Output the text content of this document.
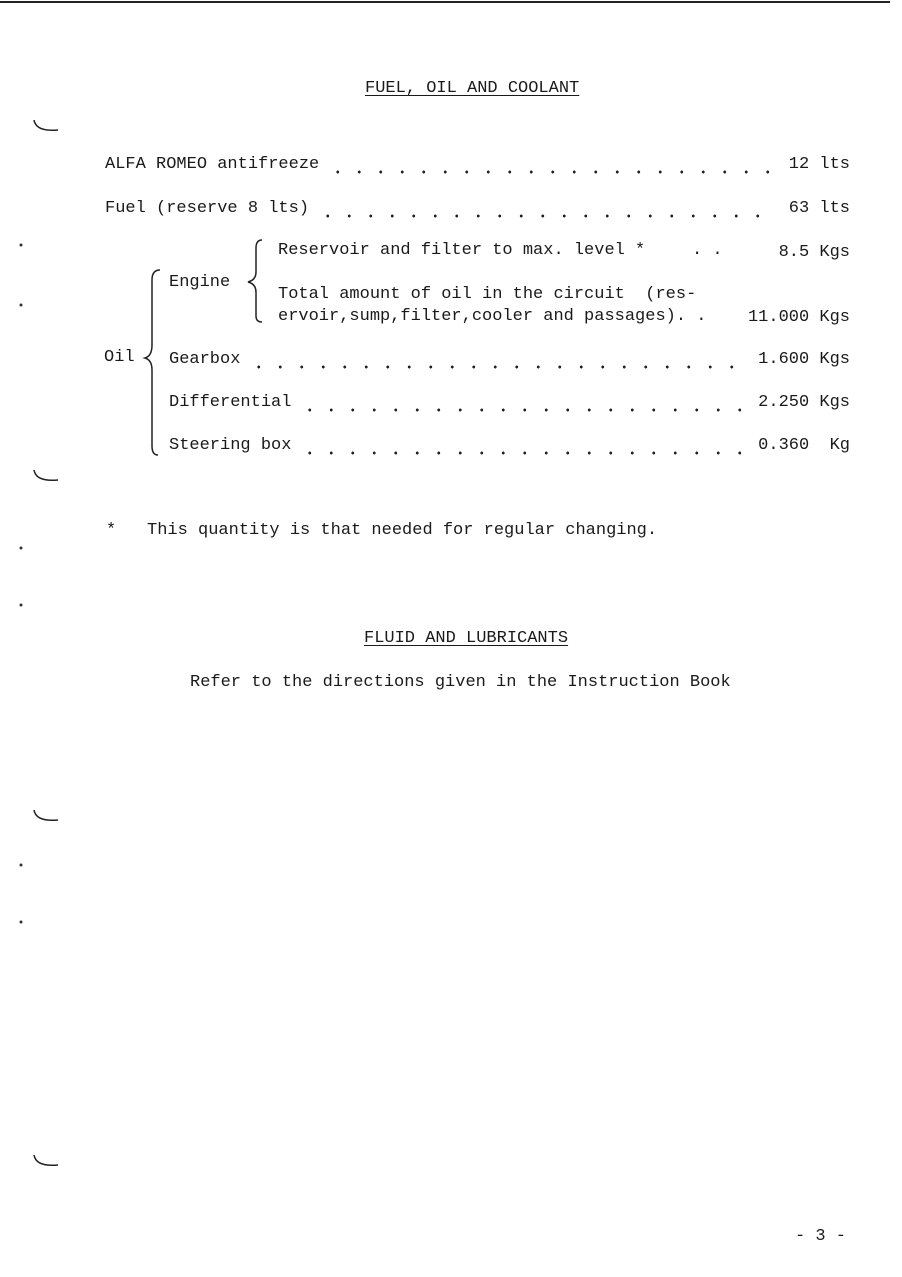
FUEL, OIL AND COOLANT
ALFA ROMEO antifreeze	12 lts
Fuel (reserve 8 lts)	63 lts
Oil
Engine
Reservoir and filter to max. level *	. .	8.5 Kgs
Total amount of oil in the circuit  (res-
ervoir,sump,filter,cooler and passages). . 11.000 Kgs
Gearbox	1.600 Kgs
Differential	2.250 Kgs
Steering box	0.360  Kg
* This quantity is that needed for regular changing.
FLUID AND LUBRICANTS
Refer to the directions given in the Instruction Book
- 3 -
